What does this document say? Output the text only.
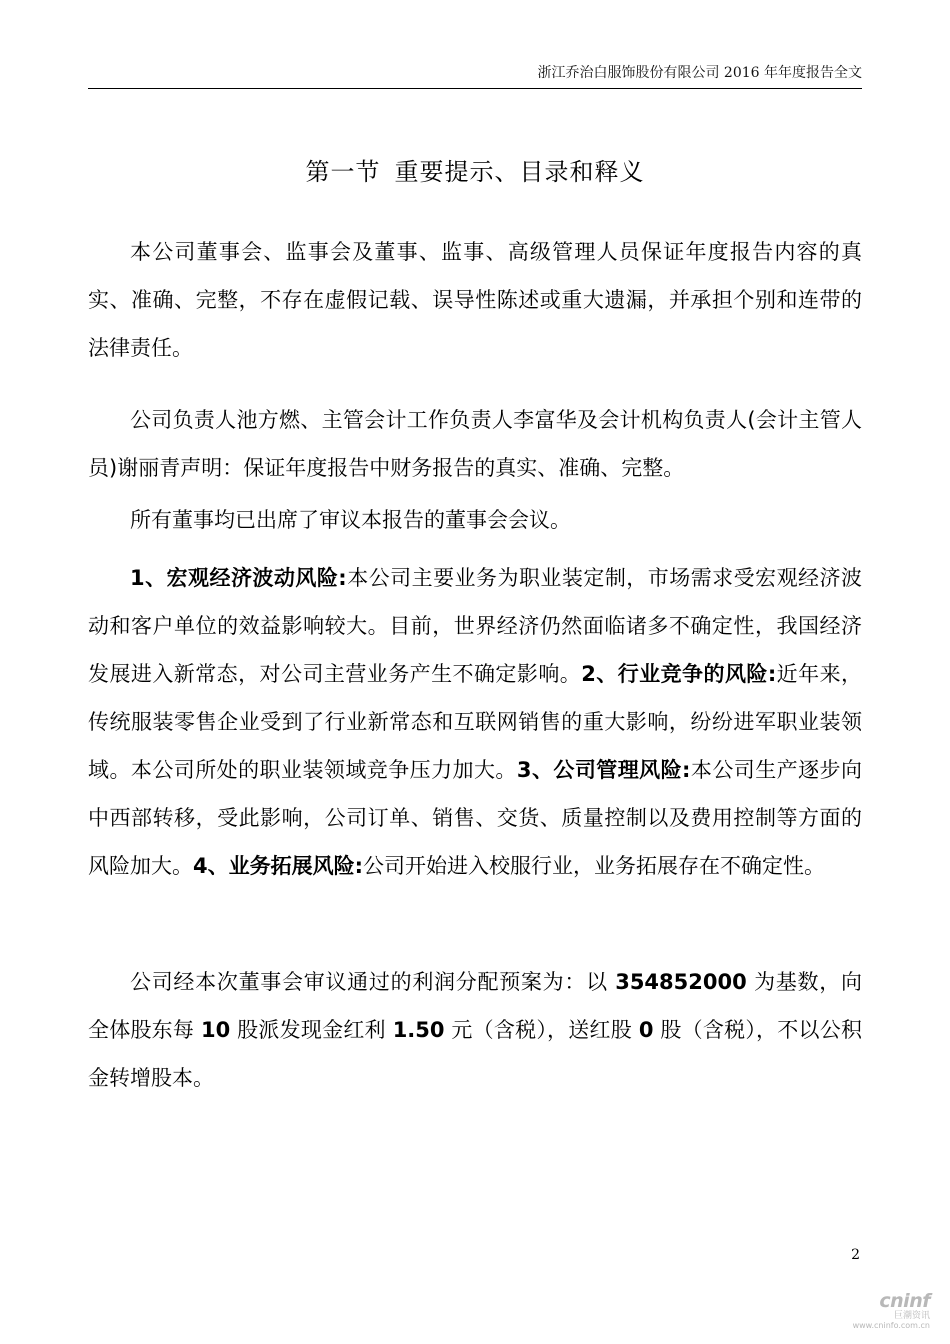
浙江乔治白服饰股份有限公司 2016 年年度报告全文
第一节 重要提示、目录和释义

本公司董事会、监事会及董事、监事、高级管理人员保证年度报告内容的真实、准确、完整，不存在虚假记载、误导性陈述或重大遗漏，并承担个别和连带的法律责任。

公司负责人池方燃、主管会计工作负责人李富华及会计机构负责人(会计主管人员)谢丽青声明：保证年度报告中财务报告的真实、准确、完整。

所有董事均已出席了审议本报告的董事会会议。

1、宏观经济波动风险:本公司主要业务为职业装定制，市场需求受宏观经济波动和客户单位的效益影响较大。目前，世界经济仍然面临诸多不确定性，我国经济发展进入新常态，对公司主营业务产生不确定影响。2、行业竞争的风险:近年来，传统服装零售企业受到了行业新常态和互联网销售的重大影响，纷纷进军职业装领域。本公司所处的职业装领域竞争压力加大。3、公司管理风险:本公司生产逐步向中西部转移，受此影响，公司订单、销售、交货、质量控制以及费用控制等方面的风险加大。4、业务拓展风险:公司开始进入校服行业，业务拓展存在不确定性。

公司经本次董事会审议通过的利润分配预案为：以 354852000 为基数，向全体股东每 10 股派发现金红利 1.50 元（含税），送红股 0 股（含税），不以公积金转增股本。

2
cninf
巨潮资讯
www.cninfo.com.cn
